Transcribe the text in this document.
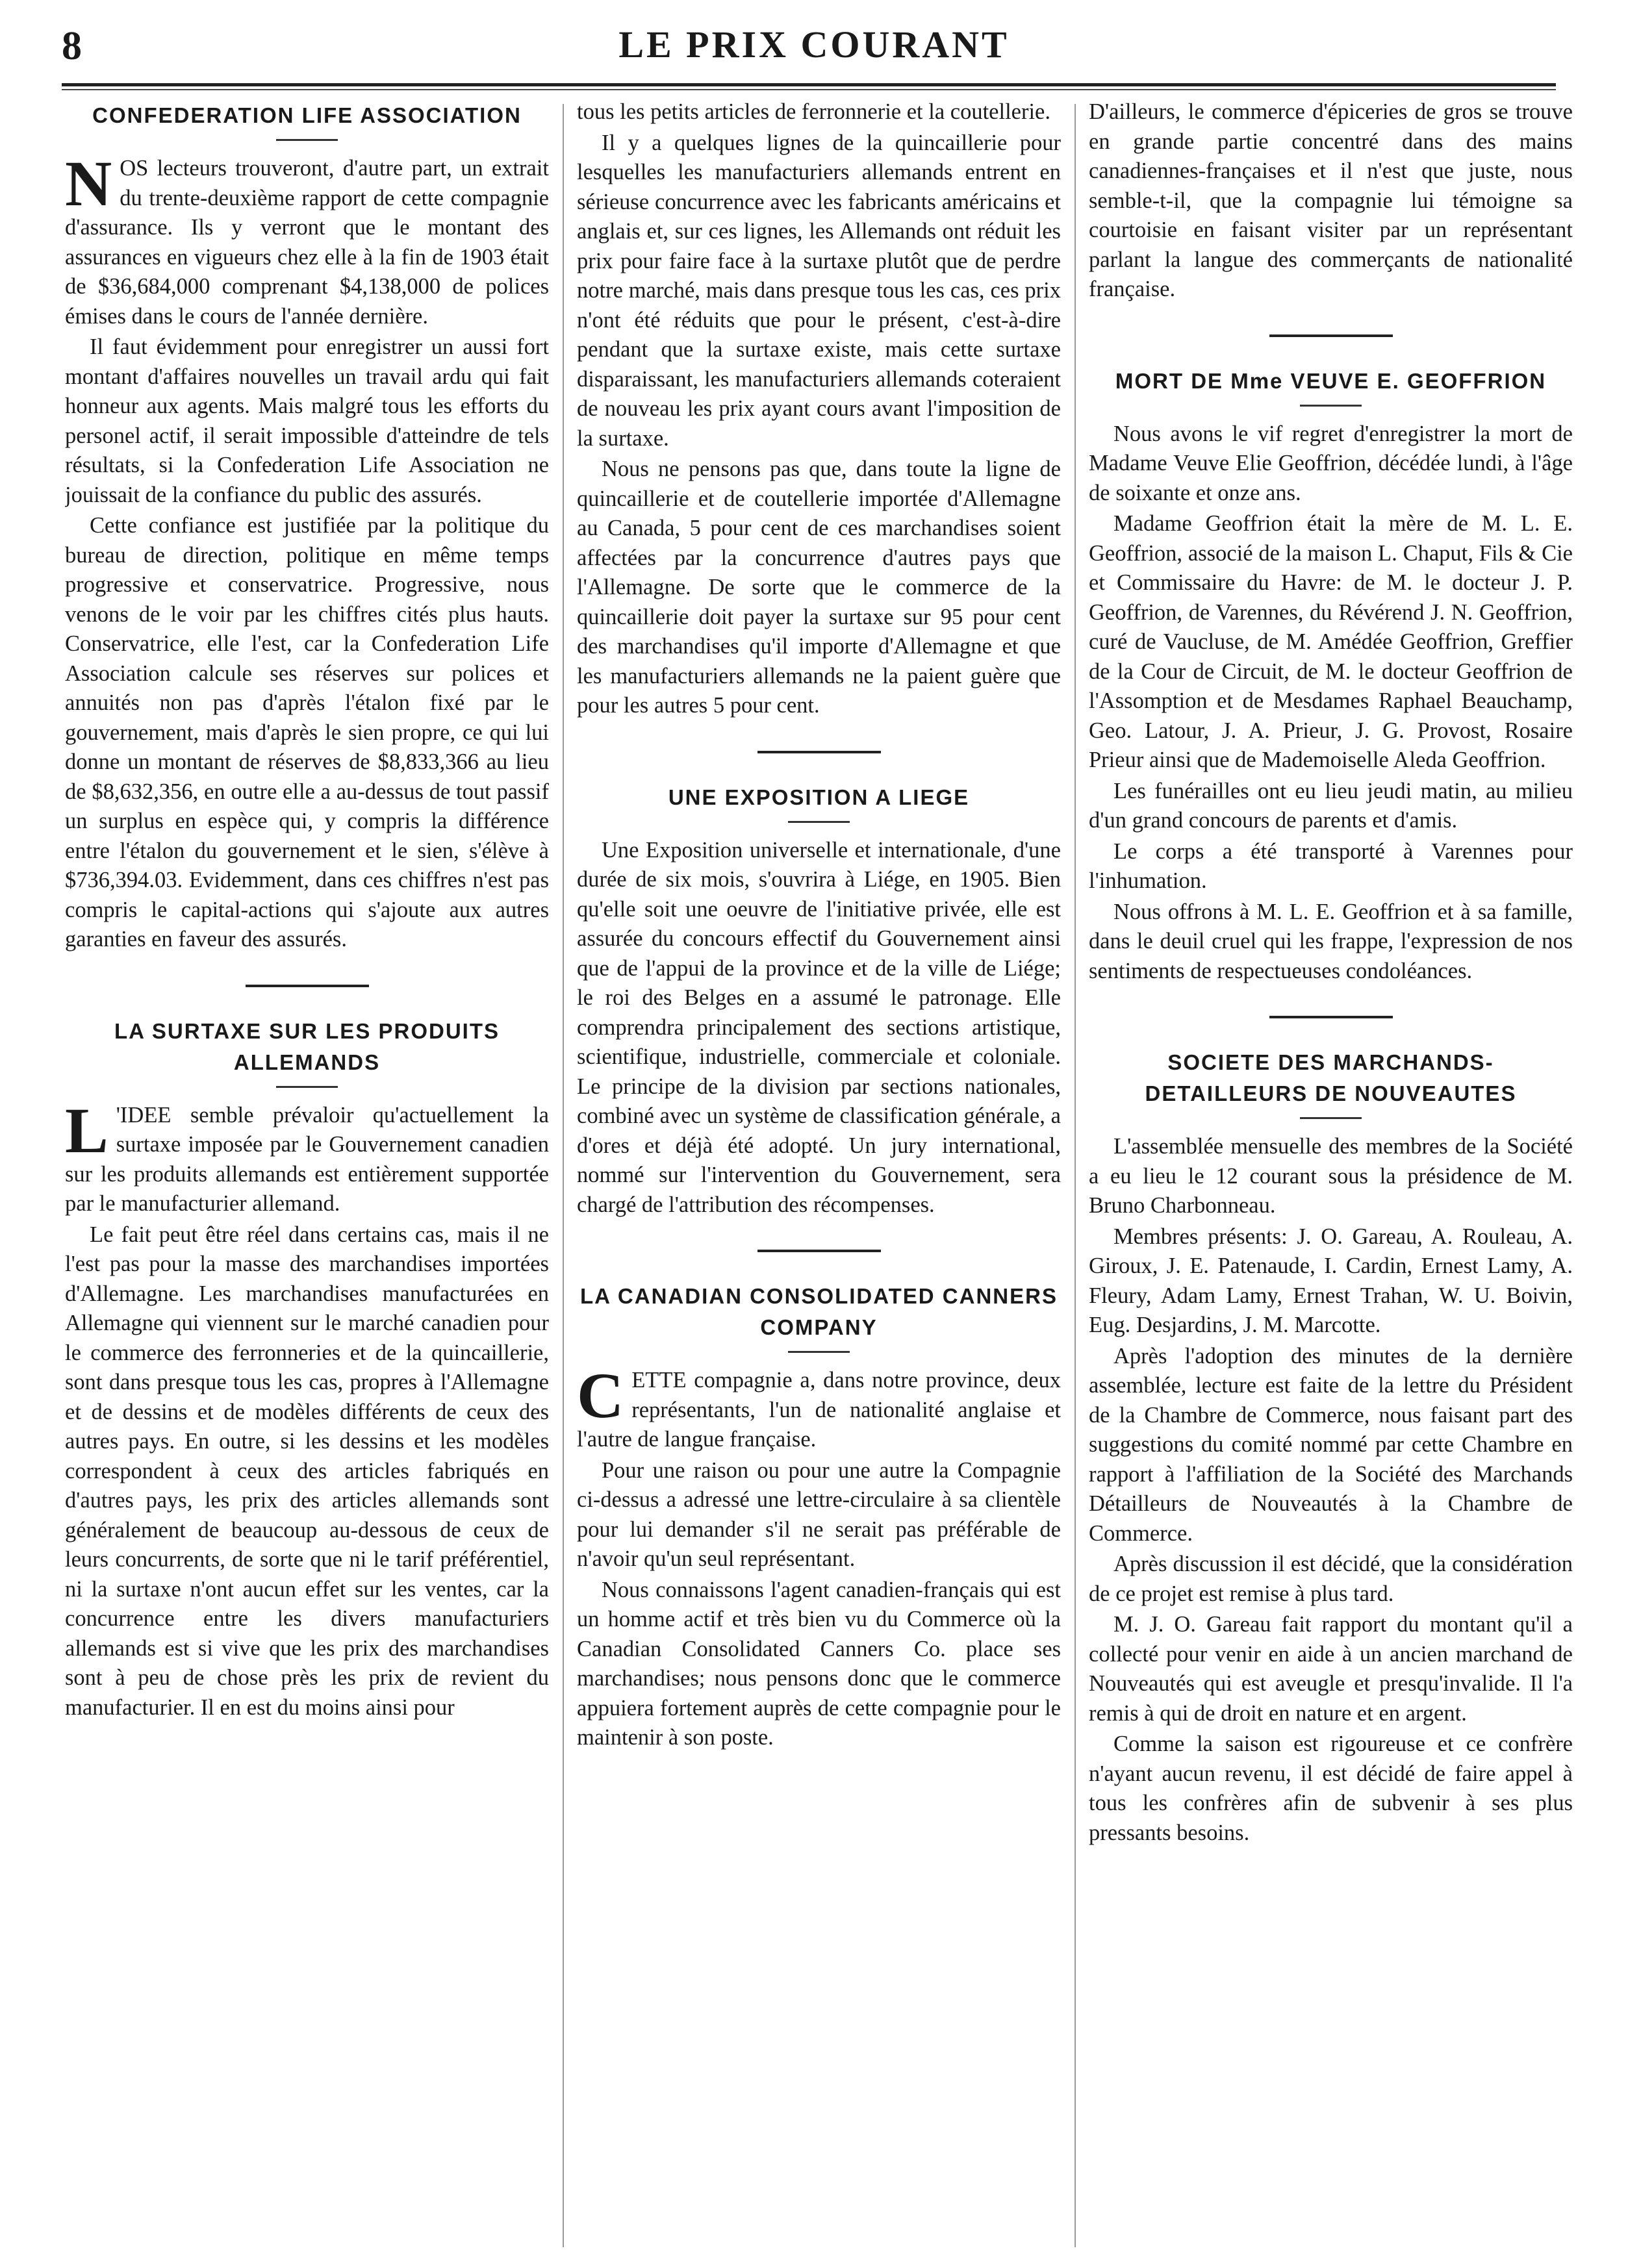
8	LE PRIX COURANT
CONFEDERATION LIFE ASSOCIATION

NOS lecteurs trouveront, d'autre part, un extrait du trente-deuxième rapport de cette compagnie d'assurance. Ils y verront que le montant des assurances en vigueurs chez elle à la fin de 1903 était de $36,684,000 comprenant $4,138,000 de polices émises dans le cours de l'année dernière.

Il faut évidemment pour enregistrer un aussi fort montant d'affaires nouvelles un travail ardu qui fait honneur aux agents. Mais malgré tous les efforts du personel actif, il serait impossible d'atteindre de tels résultats, si la Confederation Life Association ne jouissait de la confiance du public des assurés.

Cette confiance est justifiée par la politique du bureau de direction, politique en même temps progressive et conservatrice. Progressive, nous venons de le voir par les chiffres cités plus hauts. Conservatrice, elle l'est, car la Confederation Life Association calcule ses réserves sur polices et annuités non pas d'après l'étalon fixé par le gouvernement, mais d'après le sien propre, ce qui lui donne un montant de réserves de $8,833,366 au lieu de $8,632,356, en outre elle a au-dessus de tout passif un surplus en espèce qui, y compris la différence entre l'étalon du gouvernement et le sien, s'élève à $736,394.03. Evidemment, dans ces chiffres n'est pas compris le capital-actions qui s'ajoute aux autres garanties en faveur des assurés.

LA SURTAXE SUR LES PRODUITS ALLEMANDS

L 'IDEE semble prévaloir qu'actuellement la surtaxe imposée par le Gouvernement canadien sur les produits allemands est entièrement supportée par le manufacturier allemand.

Le fait peut être réel dans certains cas, mais il ne l'est pas pour la masse des marchandises importées d'Allemagne. Les marchandises manufacturées en Allemagne qui viennent sur le marché canadien pour le commerce des ferronneries et de la quincaillerie, sont dans presque tous les cas, propres à l'Allemagne et de dessins et de modèles différents de ceux des autres pays. En outre, si les dessins et les modèles correspondent à ceux des articles fabriqués en d'autres pays, les prix des articles allemands sont généralement de beaucoup au-dessous de ceux de leurs concurrents, de sorte que ni le tarif préférentiel, ni la surtaxe n'ont aucun effet sur les ventes, car la concurrence entre les divers manufacturiers allemands est si vive que les prix des marchandises sont à peu de chose près les prix de revient du manufacturier. Il en est du moins ainsi pour

tous les petits articles de ferronnerie et la coutellerie.

Il y a quelques lignes de la quincaillerie pour lesquelles les manufacturiers allemands entrent en sérieuse concurrence avec les fabricants américains et anglais et, sur ces lignes, les Allemands ont réduit les prix pour faire face à la surtaxe plutôt que de perdre notre marché, mais dans presque tous les cas, ces prix n'ont été réduits que pour le présent, c'est-à-dire pendant que la surtaxe existe, mais cette surtaxe disparaissant, les manufacturiers allemands coteraient de nouveau les prix ayant cours avant l'imposition de la surtaxe.

Nous ne pensons pas que, dans toute la ligne de quincaillerie et de coutellerie importée d'Allemagne au Canada, 5 pour cent de ces marchandises soient affectées par la concurrence d'autres pays que l'Allemagne. De sorte que le commerce de la quincaillerie doit payer la surtaxe sur 95 pour cent des marchandises qu'il importe d'Allemagne et que les manufacturiers allemands ne la paient guère que pour les autres 5 pour cent.

UNE EXPOSITION A LIEGE

Une Exposition universelle et internationale, d'une durée de six mois, s'ouvrira à Liége, en 1905. Bien qu'elle soit une oeuvre de l'initiative privée, elle est assurée du concours effectif du Gouvernement ainsi que de l'appui de la province et de la ville de Liége; le roi des Belges en a assumé le patronage. Elle comprendra principalement des sections artistique, scientifique, industrielle, commerciale et coloniale. Le principe de la division par sections nationales, combiné avec un système de classification générale, a d'ores et déjà été adopté. Un jury international, nommé sur l'intervention du Gouvernement, sera chargé de l'attribution des récompenses.

LA CANADIAN CONSOLIDATED CANNERS COMPANY

CETTE compagnie a, dans notre province, deux représentants, l'un de nationalité anglaise et l'autre de langue française.

Pour une raison ou pour une autre la Compagnie ci-dessus a adressé une lettre-circulaire à sa clientèle pour lui demander s'il ne serait pas préférable de n'avoir qu'un seul représentant.

Nous connaissons l'agent canadien-français qui est un homme actif et très bien vu du Commerce où la Canadian Consolidated Canners Co. place ses marchandises; nous pensons donc que le commerce appuiera fortement auprès de cette compagnie pour le maintenir à son poste.

D'ailleurs, le commerce d'épiceries de gros se trouve en grande partie concentré dans des mains canadiennes-françaises et il n'est que juste, nous semble-t-il, que la compagnie lui témoigne sa courtoisie en faisant visiter par un représentant parlant la langue des commerçants de nationalité française.

MORT DE Mme VEUVE E. GEOFFRION

Nous avons le vif regret d'enregistrer la mort de Madame Veuve Elie Geoffrion, décédée lundi, à l'âge de soixante et onze ans.

Madame Geoffrion était la mère de M. L. E. Geoffrion, associé de la maison L. Chaput, Fils & Cie et Commissaire du Havre: de M. le docteur J. P. Geoffrion, de Varennes, du Révérend J. N. Geoffrion, curé de Vaucluse, de M. Amédée Geoffrion, Greffier de la Cour de Circuit, de M. le docteur Geoffrion de l'Assomption et de Mesdames Raphael Beauchamp, Geo. Latour, J. A. Prieur, J. G. Provost, Rosaire Prieur ainsi que de Mademoiselle Aleda Geoffrion.

Les funérailles ont eu lieu jeudi matin, au milieu d'un grand concours de parents et d'amis.

Le corps a été transporté à Varennes pour l'inhumation.

Nous offrons à M. L. E. Geoffrion et à sa famille, dans le deuil cruel qui les frappe, l'expression de nos sentiments de respectueuses condoléances.

SOCIETE DES MARCHANDS-DETAILLEURS DE NOUVEAUTES

L'assemblée mensuelle des membres de la Société a eu lieu le 12 courant sous la présidence de M. Bruno Charbonneau.

Membres présents: J. O. Gareau, A. Rouleau, A. Giroux, J. E. Patenaude, I. Cardin, Ernest Lamy, A. Fleury, Adam Lamy, Ernest Trahan, W. U. Boivin, Eug. Desjardins, J. M. Marcotte.

Après l'adoption des minutes de la dernière assemblée, lecture est faite de la lettre du Président de la Chambre de Commerce, nous faisant part des suggestions du comité nommé par cette Chambre en rapport à l'affiliation de la Société des Marchands Détailleurs de Nouveautés à la Chambre de Commerce.

Après discussion il est décidé, que la considération de ce projet est remise à plus tard.

M. J. O. Gareau fait rapport du montant qu'il a collecté pour venir en aide à un ancien marchand de Nouveautés qui est aveugle et presqu'invalide. Il l'a remis à qui de droit en nature et en argent.

Comme la saison est rigoureuse et ce confrère n'ayant aucun revenu, il est décidé de faire appel à tous les confrères afin de subvenir à ses plus pressants besoins.
